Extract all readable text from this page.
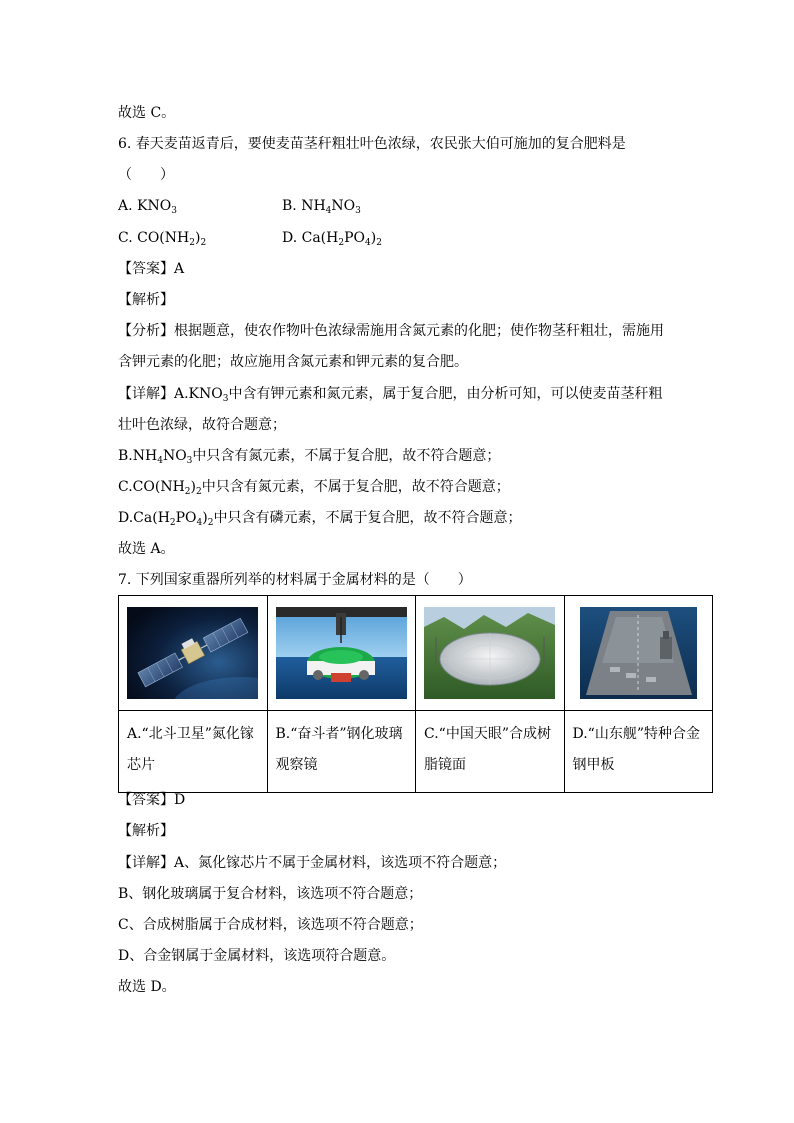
故选 C。
6. 春天麦苗返青后，要使麦苗茎秆粗壮叶色浓绿，农民张大伯可施加的复合肥料是
（　　）
A. $KNO_3$	B. $NH_4NO_3$
C. $CO(NH_2)_2$	D. $Ca(H_2PO_4)_2$
【答案】A
【解析】
【分析】根据题意，使农作物叶色浓绿需施用含氮元素的化肥；使作物茎秆粗壮，需施用
含钾元素的化肥；故应施用含氮元素和钾元素的复合肥。
【详解】$A.KNO_3$中含有钾元素和氮元素，属于复合肥，由分析可知，可以使麦苗茎秆粗
壮叶色浓绿，故符合题意；
$B.NH_4NO_3$中只含有氮元素，不属于复合肥，故不符合题意；
$C.CO(NH_2)_2$中只含有氮元素，不属于复合肥，故不符合题意；
$D.Ca(H_2PO_4)_2$中只含有磷元素，不属于复合肥，故不符合题意；
故选 A。
7. 下列国家重器所列举的材料属于金属材料的是（　　）

A.“北斗卫星”氮化镓芯片	B.“奋斗者”钢化玻璃观察镜	C.“中国天眼”合成树脂镜面	D.“山东舰”特种合金钢甲板
【答案】D
【解析】
【详解】A、氮化镓芯片不属于金属材料，该选项不符合题意；
B、钢化玻璃属于复合材料，该选项不符合题意；
C、合成树脂属于合成材料，该选项不符合题意；
D、合金钢属于金属材料，该选项符合题意。
故选 D。
